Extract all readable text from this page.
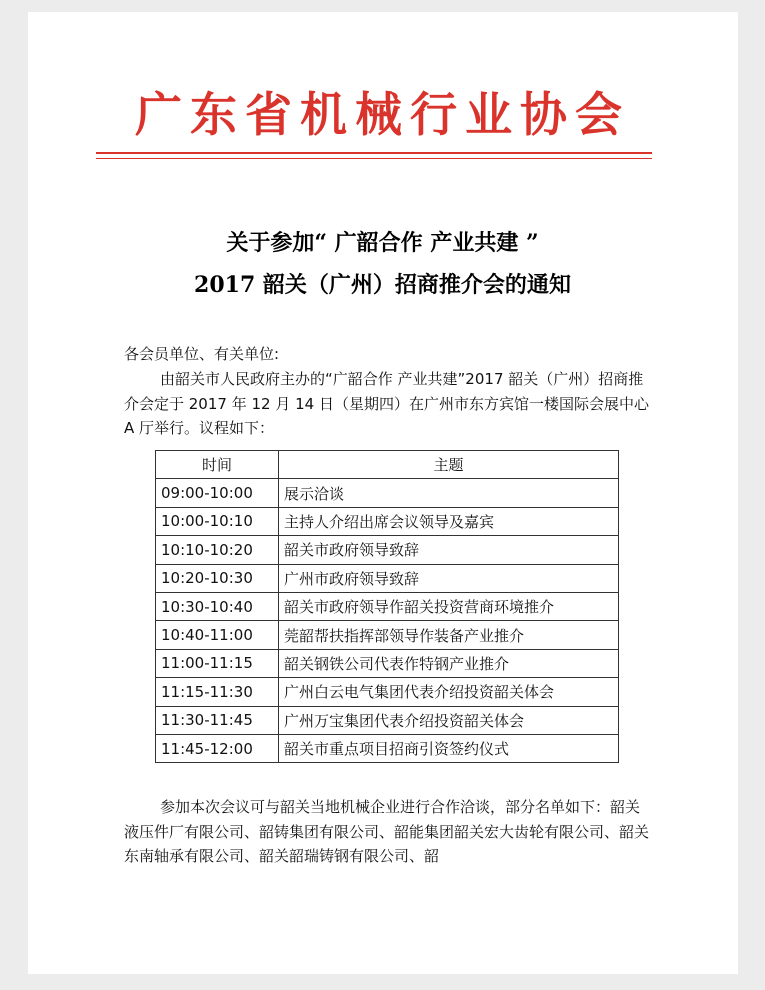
广东省机械行业协会
关于参加“ 广韶合作 产业共建 ”
2017 韶关（广州）招商推介会的通知
各会员单位、有关单位:
由韶关市人民政府主办的“广韶合作 产业共建”2017 韶关（广州）招商推介会定于 2017 年 12 月 14 日（星期四）在广州市东方宾馆一楼国际会展中心 A 厅举行。议程如下：
时间	主题
09:00-10:00	展示洽谈
10:00-10:10	主持人介绍出席会议领导及嘉宾
10:10-10:20	韶关市政府领导致辞
10:20-10:30	广州市政府领导致辞
10:30-10:40	韶关市政府领导作韶关投资营商环境推介
10:40-11:00	莞韶帮扶指挥部领导作装备产业推介
11:00-11:15	韶关钢铁公司代表作特钢产业推介
11:15-11:30	广州白云电气集团代表介绍投资韶关体会
11:30-11:45	广州万宝集团代表介绍投资韶关体会
11:45-12:00	韶关市重点项目招商引资签约仪式
参加本次会议可与韶关当地机械企业进行合作洽谈，部分名单如下：韶关液压件厂有限公司、韶铸集团有限公司、韶能集团韶关宏大齿轮有限公司、韶关东南轴承有限公司、韶关韶瑞铸钢有限公司、韶
